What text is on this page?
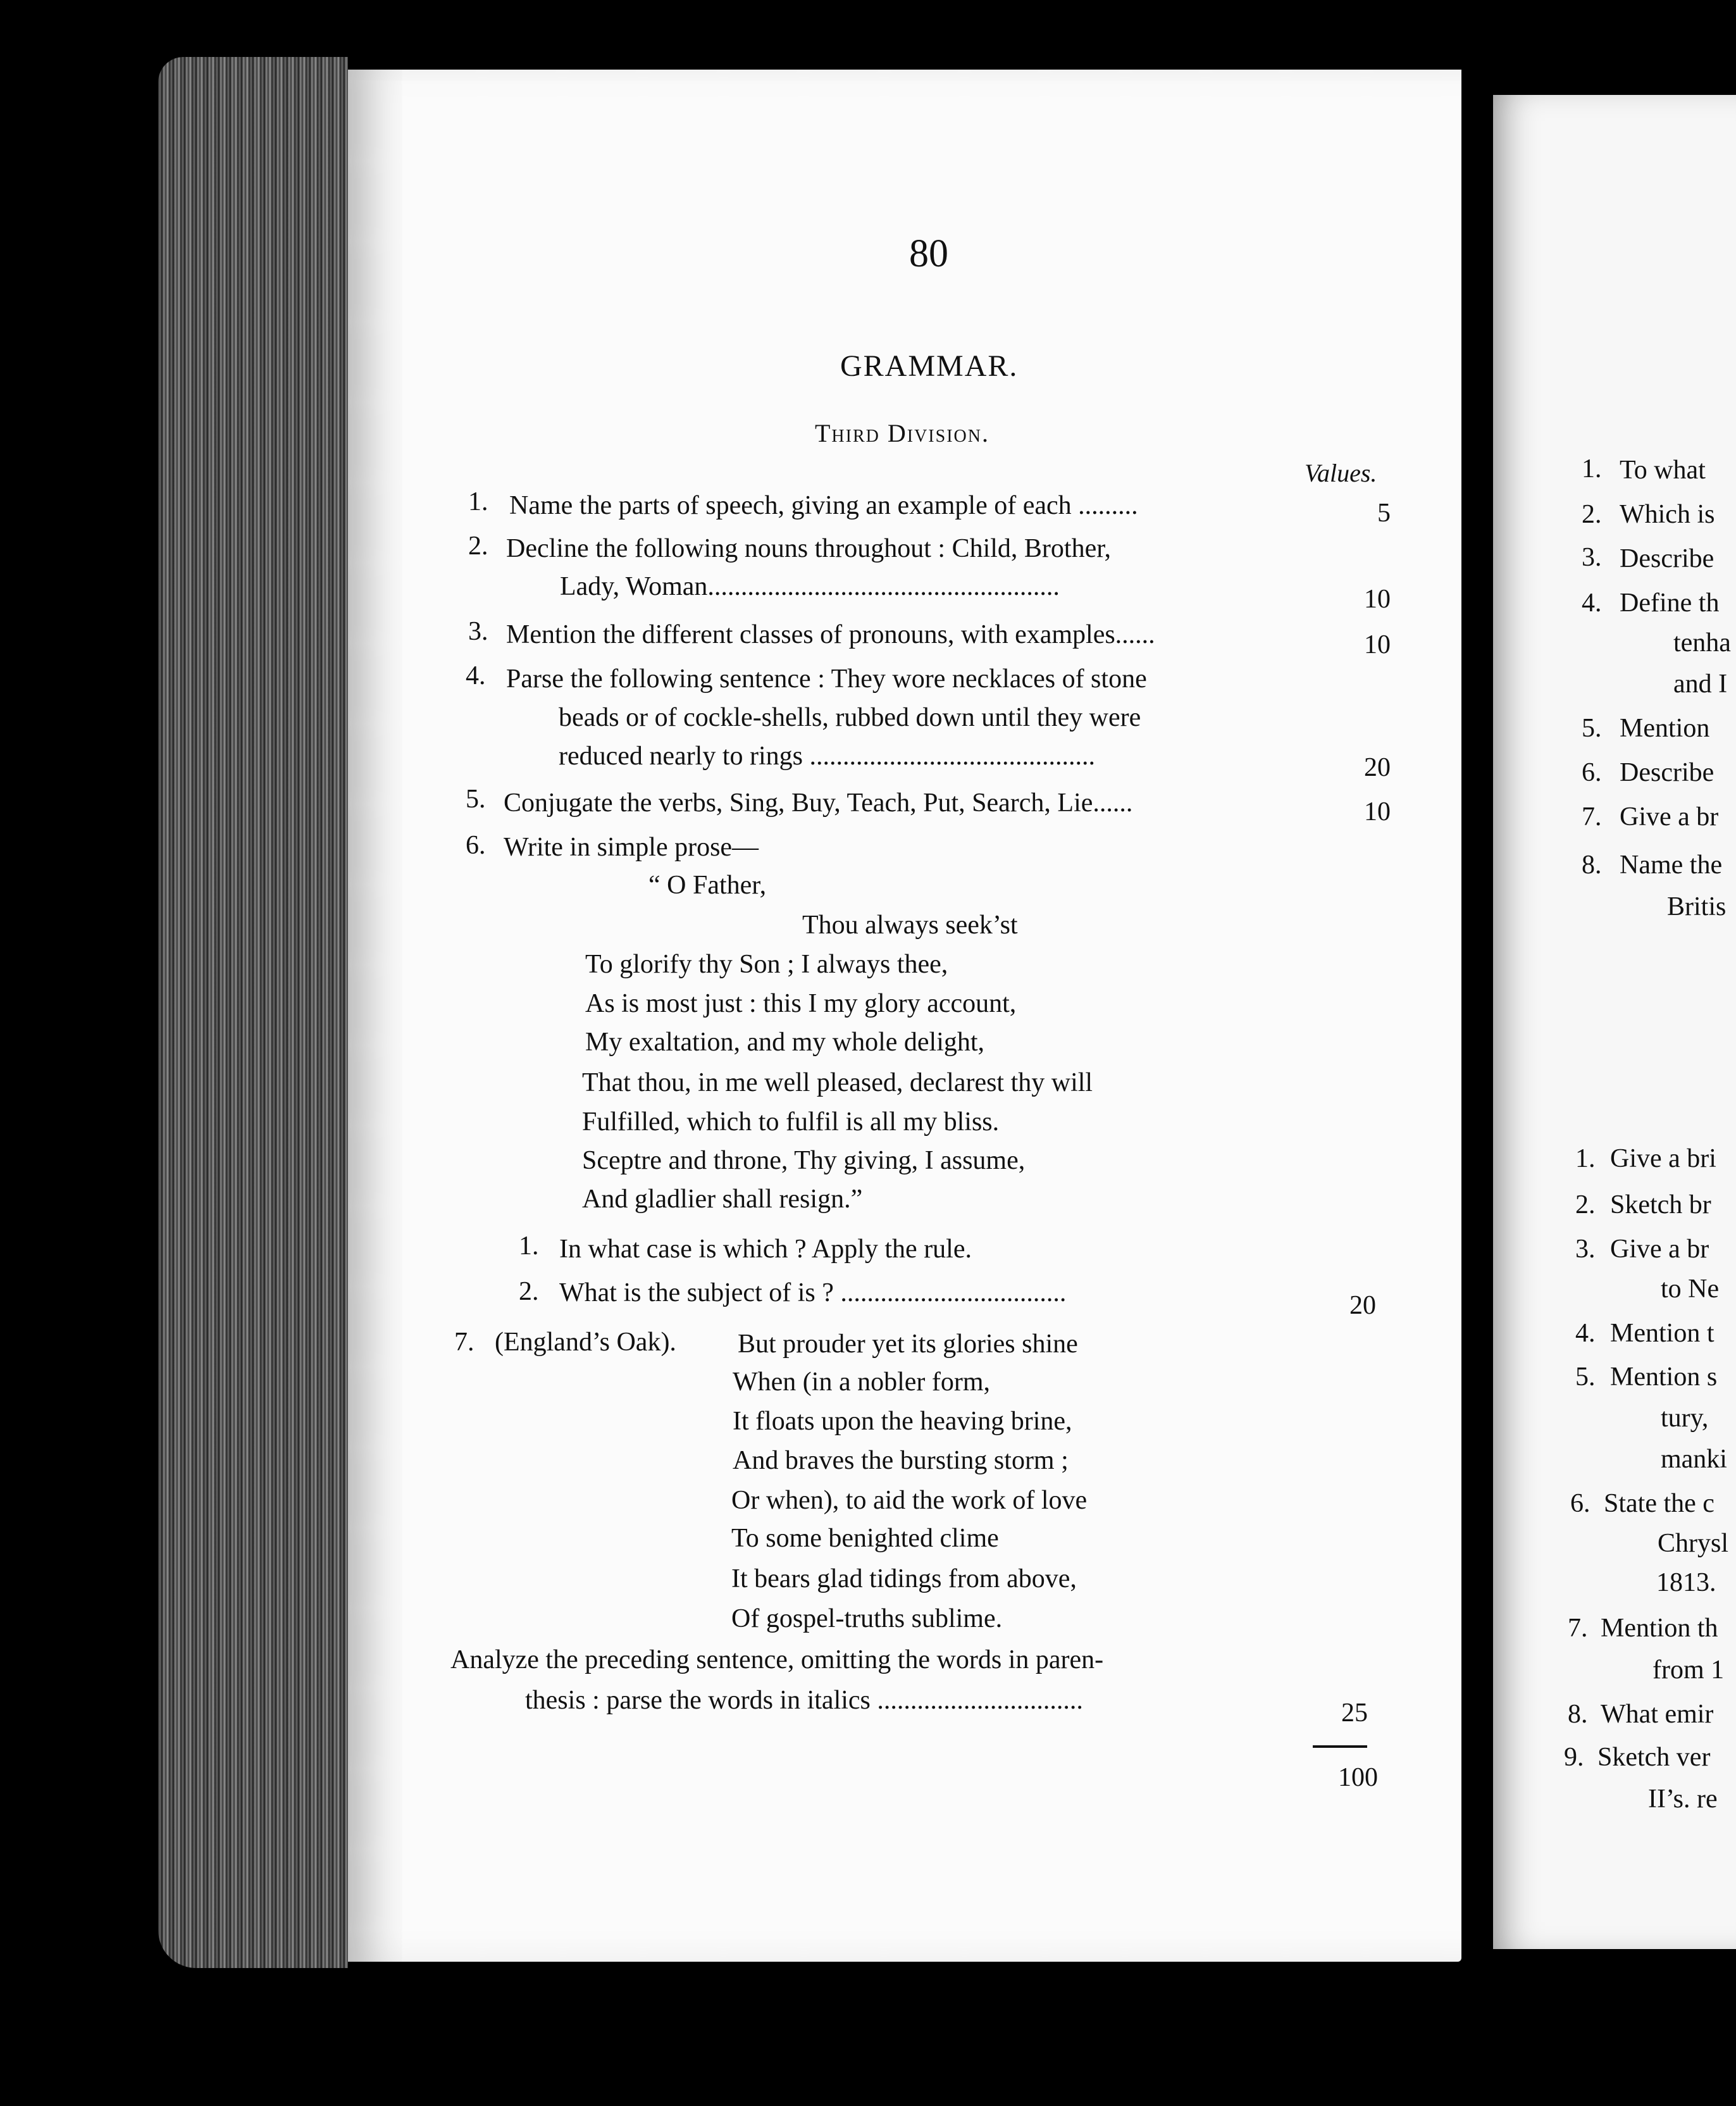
80
GRAMMAR.
Third Division.
Values.
1. Name the parts of speech, giving an example of each .........	5
2. Decline the following nouns throughout : Child, Brother,
Lady, Woman.....................................................	10
3. Mention the different classes of pronouns, with examples......	10
4. Parse the following sentence : They wore necklaces of stone
beads or of cockle-shells, rubbed down until they were
reduced nearly to rings ...........................................	20
5. Conjugate the verbs, Sing, Buy, Teach, Put, Search, Lie......	10
6. Write in simple prose—
“ O Father,
Thou always seek’st
To glorify thy Son ; I always thee,
As is most just : this I my glory account,
My exaltation, and my whole delight,
That thou, in me well pleased, declarest thy will
Fulfilled, which to fulfil is all my bliss.
Sceptre and throne, Thy giving, I assume,
And gladlier shall resign.”
1. In what case is which ? Apply the rule.
2. What is the subject of is ? ..................................	20
7. (England’s Oak). But prouder yet its glories shine
When (in a nobler form,
It floats upon the heaving brine,
And braves the bursting storm ;
Or when), to aid the work of love
To some benighted clime
It bears glad tidings from above,
Of gospel-truths sublime.
Analyze the preceding sentence, omitting the words in paren-
thesis : parse the words in italics ...............................	25
100
1. To what
2. Which is
3. Describe
4. Define th
tenha
and I
5. Mention
6. Describe
7. Give a br
8. Name the
Britis
1. Give a bri
2. Sketch br
3. Give a br
to Ne
4. Mention t
5. Mention s
tury,
manki
6. State the c
Chrysl
1813.
7. Mention th
from 1
8. What emir
9. Sketch ver
II’s. re
